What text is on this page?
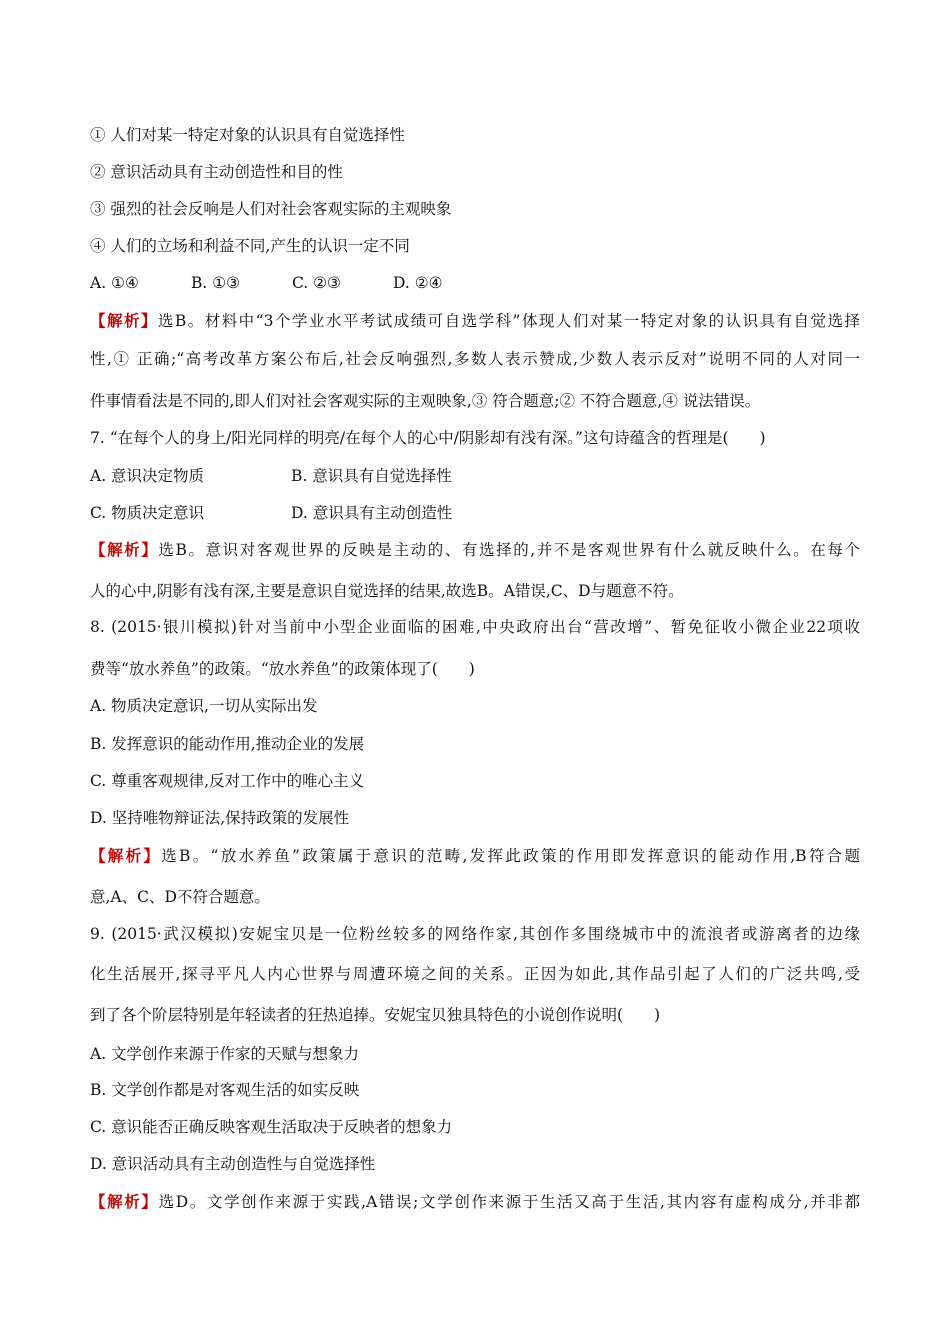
① 人们对某一特定对象的认识具有自觉选择性
② 意识活动具有主动创造性和目的性
③ 强烈的社会反响是人们对社会客观实际的主观映象
④ 人们的立场和利益不同,产生的认识一定不同
A. ①④	B. ①③	C. ②③	D. ②④
【解析】选B。材料中“3个学业水平考试成绩可自选学科”体现人们对某一特定对象的认识具有自觉选择
性,① 正确;“高考改革方案公布后,社会反响强烈,多数人表示赞成,少数人表示反对”说明不同的人对同一
件事情看法是不同的,即人们对社会客观实际的主观映象,③ 符合题意;② 不符合题意,④ 说法错误。
7. “在每个人的身上/阳光同样的明亮/在每个人的心中/阴影却有浅有深。”这句诗蕴含的哲理是(　　)
A. 意识决定物质	B. 意识具有自觉选择性
C. 物质决定意识	D. 意识具有主动创造性
【解析】选B。意识对客观世界的反映是主动的、有选择的,并不是客观世界有什么就反映什么。在每个
人的心中,阴影有浅有深,主要是意识自觉选择的结果,故选B。A错误,C、D与题意不符。
8. (2015·银川模拟)针对当前中小型企业面临的困难,中央政府出台“营改增”、暂免征收小微企业22项收
费等“放水养鱼”的政策。“放水养鱼”的政策体现了(　　)
A. 物质决定意识,一切从实际出发
B. 发挥意识的能动作用,推动企业的发展
C. 尊重客观规律,反对工作中的唯心主义
D. 坚持唯物辩证法,保持政策的发展性
【解析】选B。“放水养鱼”政策属于意识的范畴,发挥此政策的作用即发挥意识的能动作用,B符合题
意,A、C、D不符合题意。
9. (2015·武汉模拟)安妮宝贝是一位粉丝较多的网络作家,其创作多围绕城市中的流浪者或游离者的边缘
化生活展开,探寻平凡人内心世界与周遭环境之间的关系。正因为如此,其作品引起了人们的广泛共鸣,受
到了各个阶层特别是年轻读者的狂热追捧。安妮宝贝独具特色的小说创作说明(　　)
A. 文学创作来源于作家的天赋与想象力
B. 文学创作都是对客观生活的如实反映
C. 意识能否正确反映客观生活取决于反映者的想象力
D. 意识活动具有主动创造性与自觉选择性
【解析】选D。文学创作来源于实践,A错误;文学创作来源于生活又高于生活,其内容有虚构成分,并非都
